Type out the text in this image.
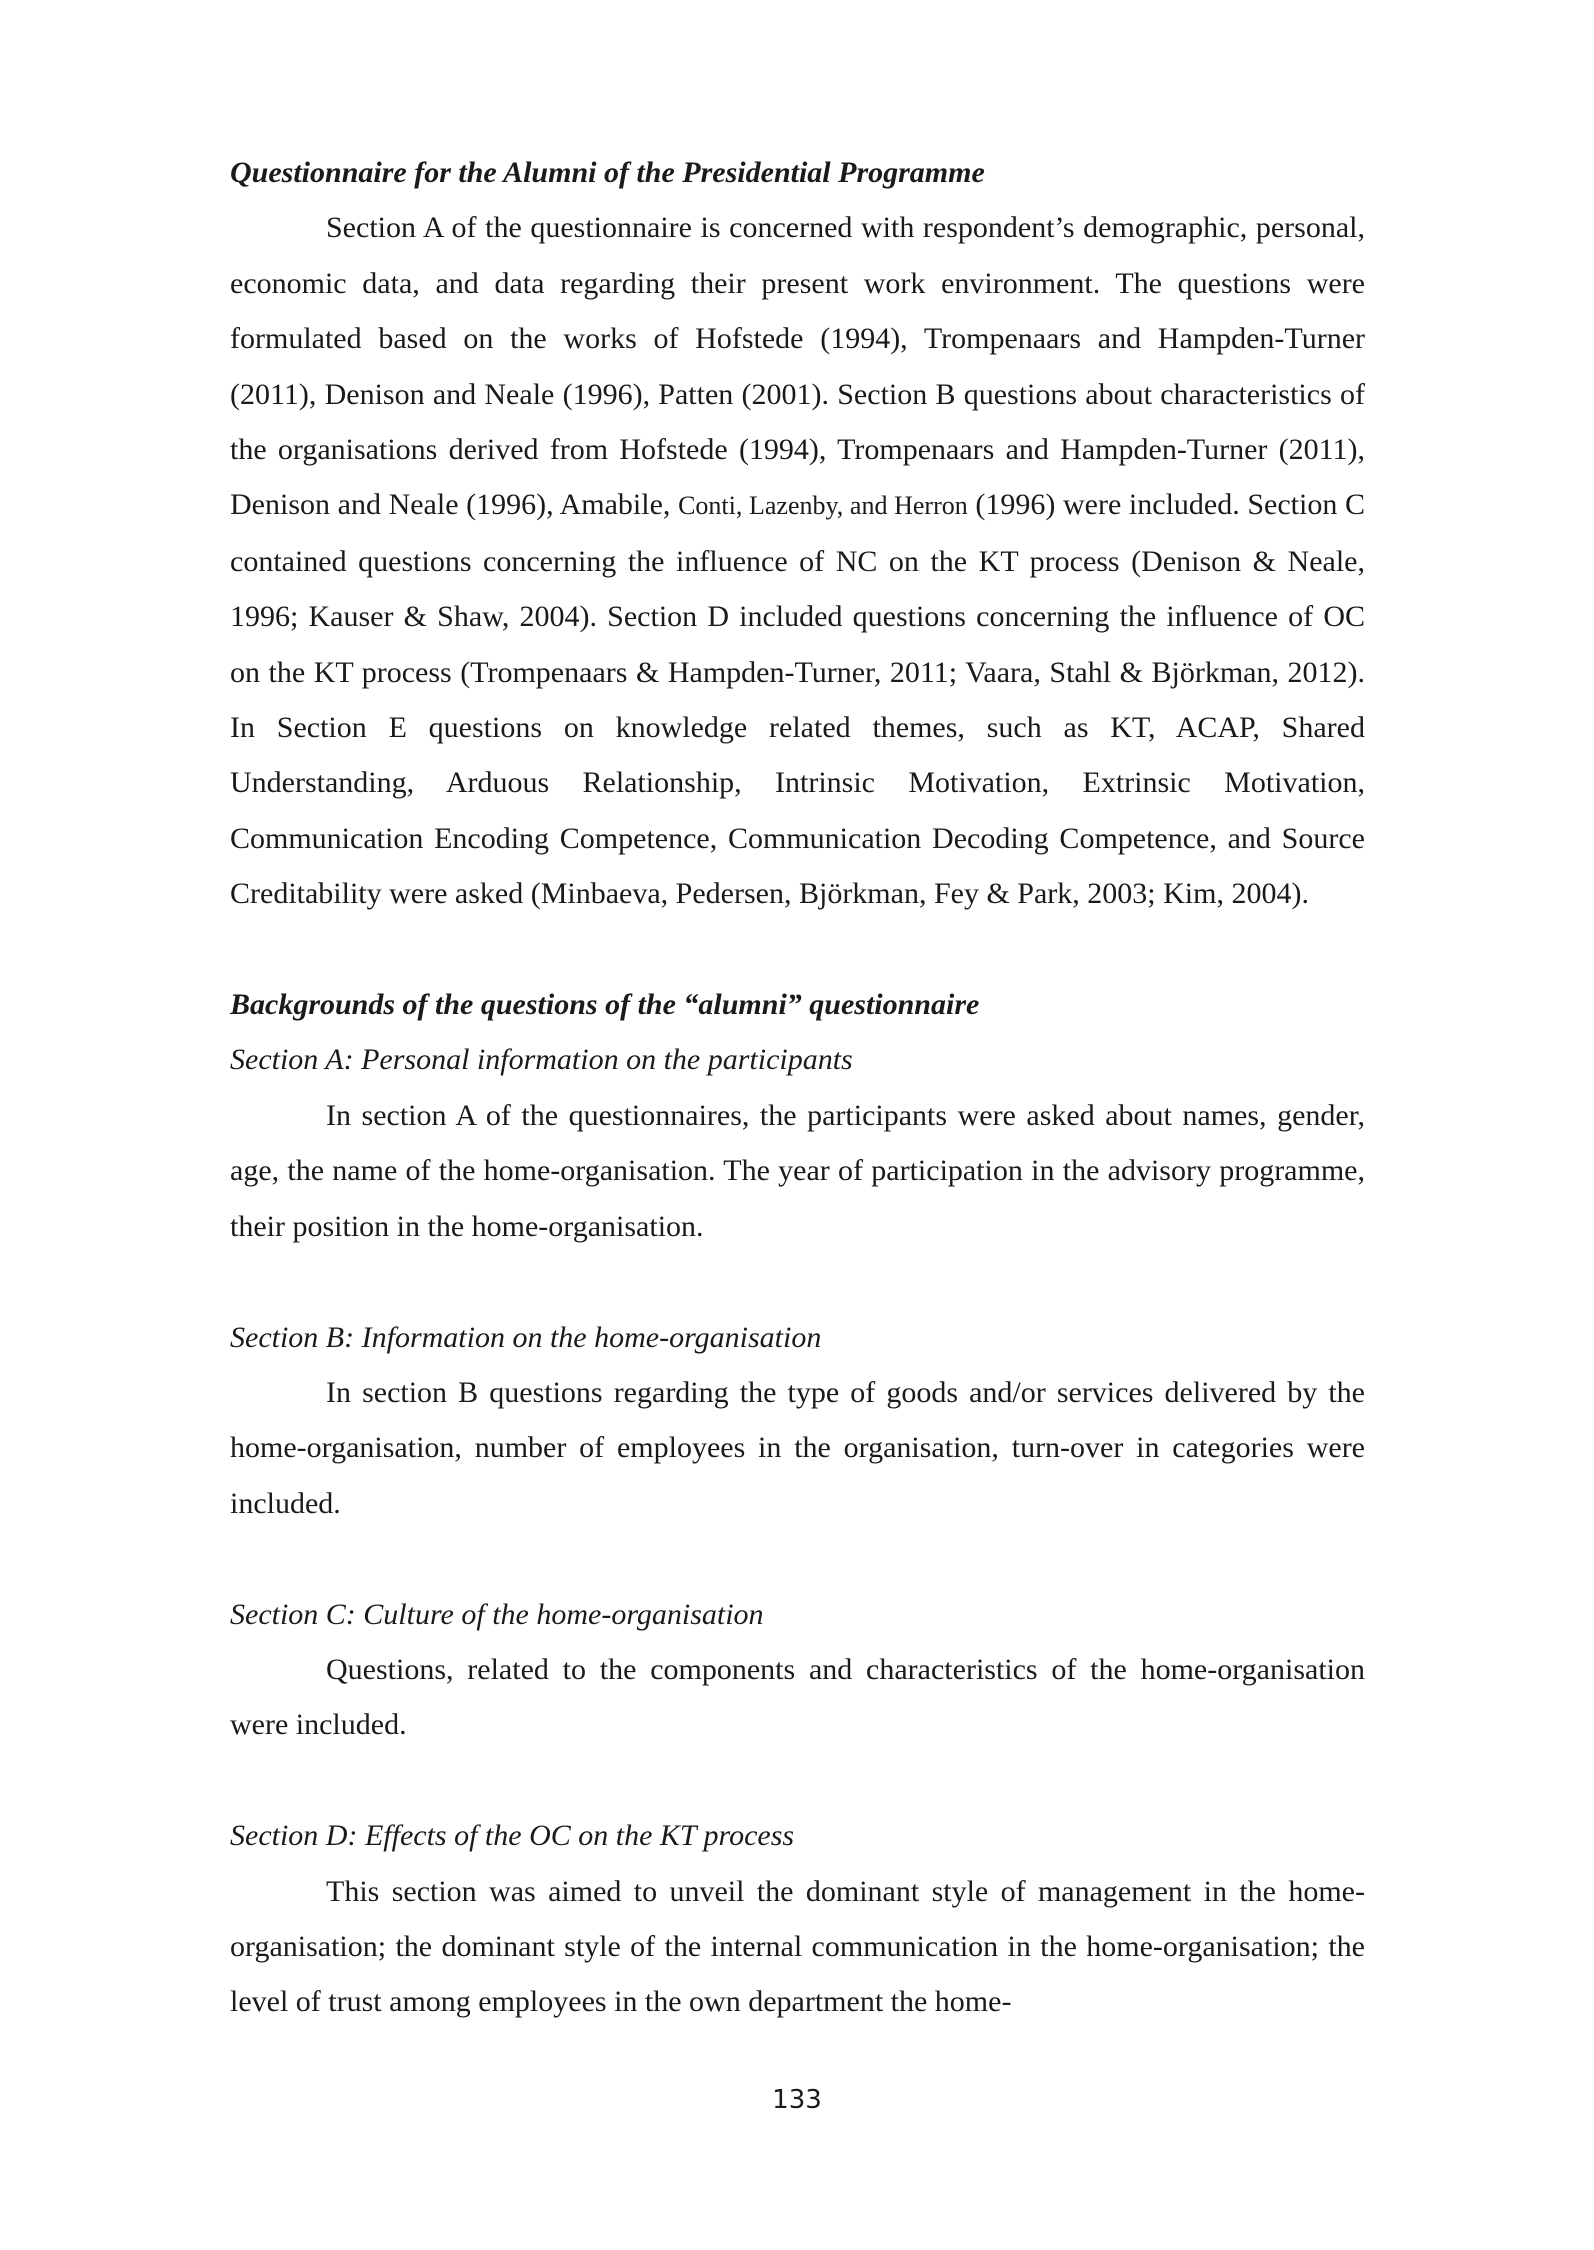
Questionnaire for the Alumni of the Presidential Programme

Section A of the questionnaire is concerned with respondent’s demographic, personal, economic data, and data regarding their present work environment. The questions were formulated based on the works of Hofstede (1994), Trompenaars and Hampden-Turner (2011), Denison and Neale (1996), Patten (2001). Section B questions about characteristics of the organisations derived from Hofstede (1994), Trompenaars and Hampden-Turner (2011), Denison and Neale (1996), Amabile, Conti, Lazenby, and Herron (1996) were included. Section C contained questions concerning the influence of NC on the KT process (Denison & Neale, 1996; Kauser & Shaw, 2004). Section D included questions concerning the influence of OC on the KT process (Trompenaars & Hampden-Turner, 2011; Vaara, Stahl & Björkman, 2012). In Section E questions on knowledge related themes, such as KT, ACAP, Shared Understanding, Arduous Relationship, Intrinsic Motivation, Extrinsic Motivation, Communication Encoding Competence, Communication Decoding Competence, and Source Creditability were asked (Minbaeva, Pedersen, Björkman, Fey & Park, 2003; Kim, 2004).

Backgrounds of the questions of the “alumni” questionnaire
Section A: Personal information on the participants

In section A of the questionnaires, the participants were asked about names, gender, age, the name of the home-organisation. The year of participation in the advisory programme, their position in the home-organisation.

Section B: Information on the home-organisation

In section B questions regarding the type of goods and/or services delivered by the home-organisation, number of employees in the organisation, turn-over in categories were included.

Section C: Culture of the home-organisation

Questions, related to the components and characteristics of the home-organisation were included.

Section D: Effects of the OC on the KT process

This section was aimed to unveil the dominant style of management in the home-organisation; the dominant style of the internal communication in the home-organisation; the level of trust among employees in the own department the home-

133
